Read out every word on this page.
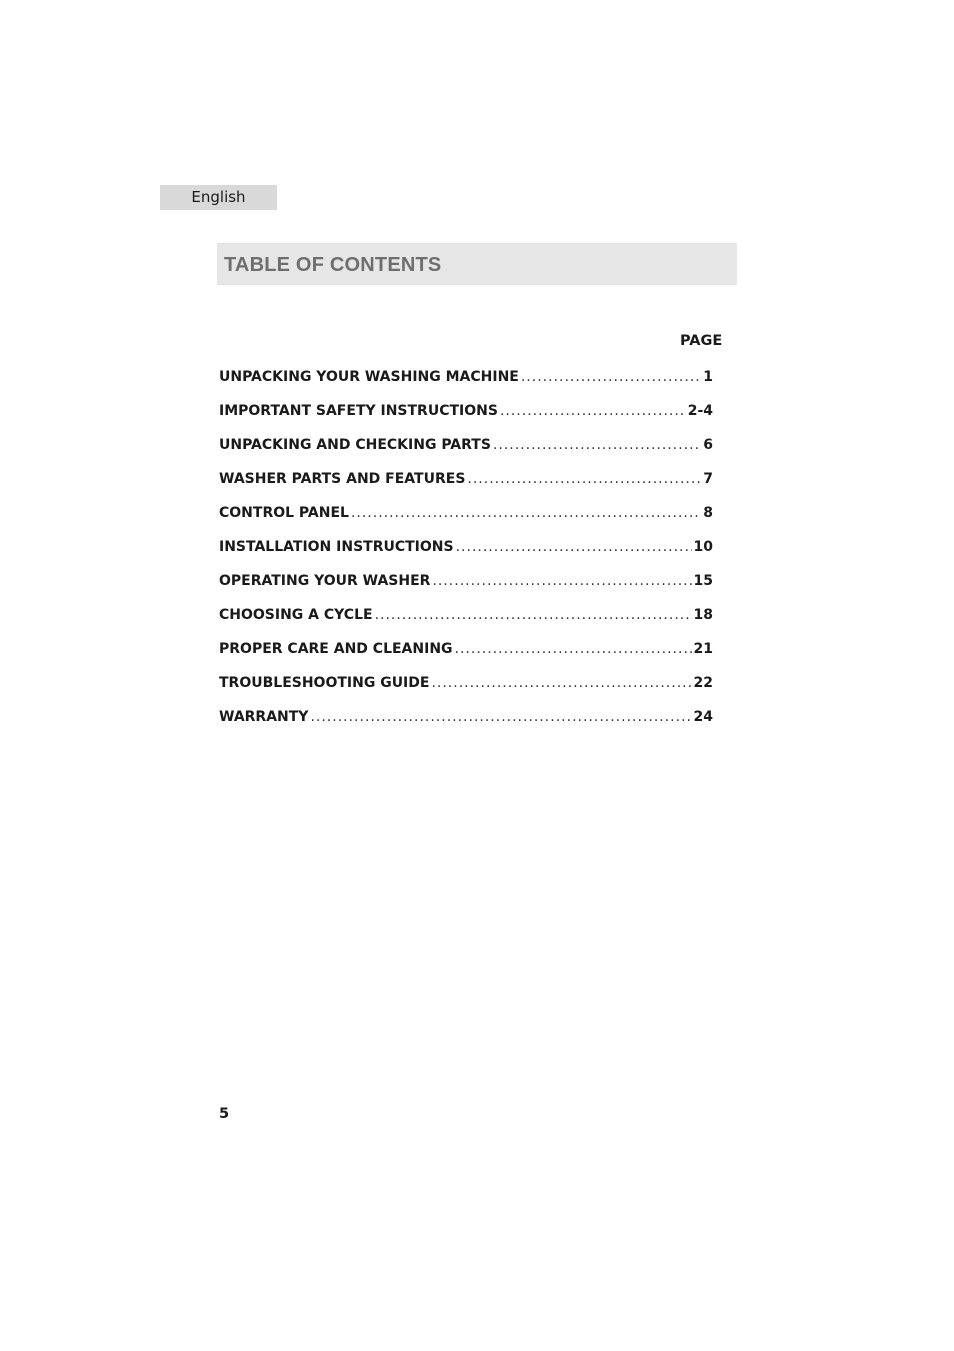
English
TABLE OF CONTENTS
PAGE
UNPACKING YOUR WASHING MACHINE .....	1
IMPORTANT SAFETY INSTRUCTIONS .....	2-4
UNPACKING AND CHECKING PARTS .....	6
WASHER PARTS AND FEATURES .....	7
CONTROL PANEL .....	8
INSTALLATION INSTRUCTIONS .....	10
OPERATING YOUR WASHER .....	15
CHOOSING A CYCLE .....	18
PROPER CARE AND CLEANING .....	21
TROUBLESHOOTING GUIDE .....	22
WARRANTY .....	24
5
